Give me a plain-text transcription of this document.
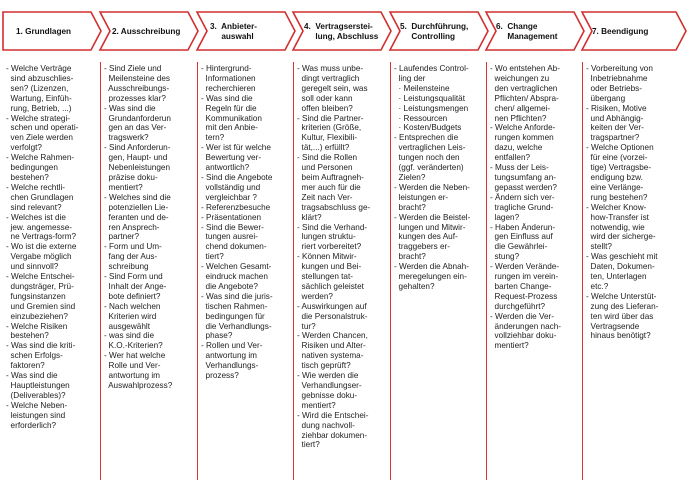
1. Grundlagen	2. Ausschreibung
3.  Anbieter-
auswahl
4.  Vertragserstei-
lung, Abschluss
5.  Durchführung,
Controlling
6.  Change
Management
7. Beendigung
- Welche Verträge
sind abzuschlies-
sen? (Lizenzen,
Wartung, Einfüh-
rung, Betrieb, ...)
- Welche strategi-
schen und operati-
ven Ziele werden
verfolgt?
- Welche Rahmen-
bedingungen
bestehen?
- Welche rechtli-
chen Grundlagen
sind relevant?
- Welches ist die
jew. angemesse-
ne Vertrags-form?
- Wo ist die externe
Vergabe möglich
und sinnvoll?
- Welche Entschei-
dungsträger, Prü-
fungsinstanzen
und Gremien sind
einzubeziehen?
- Welche Risiken
bestehen?
- Was sind die kriti-
schen Erfolgs-
faktoren?
- Was sind die
Hauptleistungen
(Deliverables)?
- Welche Neben-
leistungen sind
erforderlich?
- Sind Ziele und
Meilensteine des
Ausschreibungs-
prozesses klar?
- Was sind die
Grundanforderun
gen an das Ver-
tragswerk?
- Sind Anforderun-
gen, Haupt- und
Nebenleistungen
präzise doku-
mentiert?
- Welches sind die
potenziellen Lie-
feranten und de-
ren Ansprech-
partner?
- Form und Um-
fang der Aus-
schreibung
- Sind Form und
Inhalt der Ange-
bote definiert?
- Nach welchen
Kriterien wird
ausgewählt
- was sind die
K.O.-Kriterien?
- Wer hat welche
Rolle und Ver-
antwortung im
Auswahlprozess?
- Hintergrund-
Informationen
recherchieren
- Was sind die
Regeln für die
Kommunikation
mit den Anbie-
tern?
- Wer ist für welche
Bewertung ver-
antwortlich?
- Sind die Angebote
vollständig und
vergleichbar ?
- Referenzbesuche
- Präsentationen
- Sind die Bewer-
tungen ausrei-
chend dokumen-
tiert?
- Welchen Gesamt-
eindruck machen
die Angebote?
- Was sind die juris-
tischen Rahmen-
bedingungen für
die Verhandlungs-
phase?
- Rollen und Ver-
antwortung im
Verhandlungs-
prozess?
- Was muss unbe-
dingt vertraglich
geregelt sein, was
soll oder kann
offen bleiben?
- Sind die Partner-
kriterien (Größe,
Kultur, Flexibili-
tät,...) erfüllt?
- Sind die Rollen
und Personen
beim Auftragneh-
mer auch für die
Zeit nach Ver-
tragsabschluss ge-
klärt?
- Sind die Verhand-
lungen struktu-
riert vorbereitet?
- Können Mitwir-
kungen und Bei-
stellungen tat-
sächlich geleistet
werden?
- Auswirkungen auf
die Personalstruk-
tur?
- Werden Chancen,
Risiken und Alter-
nativen systema-
tisch geprüft?
- Wie werden die
Verhandlungser-
gebnisse doku-
mentiert?
- Wird die Entschei-
dung nachvoll-
ziehbar dokumen-
tiert?
- Laufendes Control-
ling der
· Meilensteine
· Leistungsqualität
· Leistungsmengen
· Ressourcen
· Kosten/Budgets
- Entsprechen die
vertraglichen Leis-
tungen noch den
(ggf. veränderten)
Zielen?
- Werden die Neben-
leistungen er-
bracht?
- Werden die Beistel-
lungen und Mitwir-
kungen des Auf-
traggebers er-
bracht?
- Werden die Abnah-
meregelungen ein-
gehalten?
- Wo entstehen Ab-
weichungen zu
den vertraglichen
Pflichten/ Abspra-
chen/ allgemei-
nen Pflichten?
- Welche Anforde-
rungen kommen
dazu, welche
entfallen?
- Muss der Leis-
tungsumfang an-
gepasst werden?
- Ändern sich ver-
tragliche Grund-
lagen?
- Haben Änderun-
gen Einfluss auf
die Gewährlei-
stung?
- Werden Verände-
rungen im verein-
barten Change-
Request-Prozess
durchgeführt?
- Werden die Ver-
änderungen nach-
vollziehbar doku-
mentiert?
- Vorbereitung von
Inbetriebnahme
oder Betriebs-
übergang
- Risiken, Motive
und Abhängig-
keiten der Ver-
tragspartner?
- Welche Optionen
für eine (vorzei-
tige) Vertragsbe-
endigung bzw.
eine Verlänge-
rung bestehen?
- Welcher Know-
how-Transfer ist
notwendig, wie
wird der sicherge-
stellt?
- Was geschieht mit
Daten, Dokumen-
ten, Unterlagen
etc.?
- Welche Unterstüt-
zung des Lieferan-
ten wird über das
Vertragsende
hinaus benötigt?
